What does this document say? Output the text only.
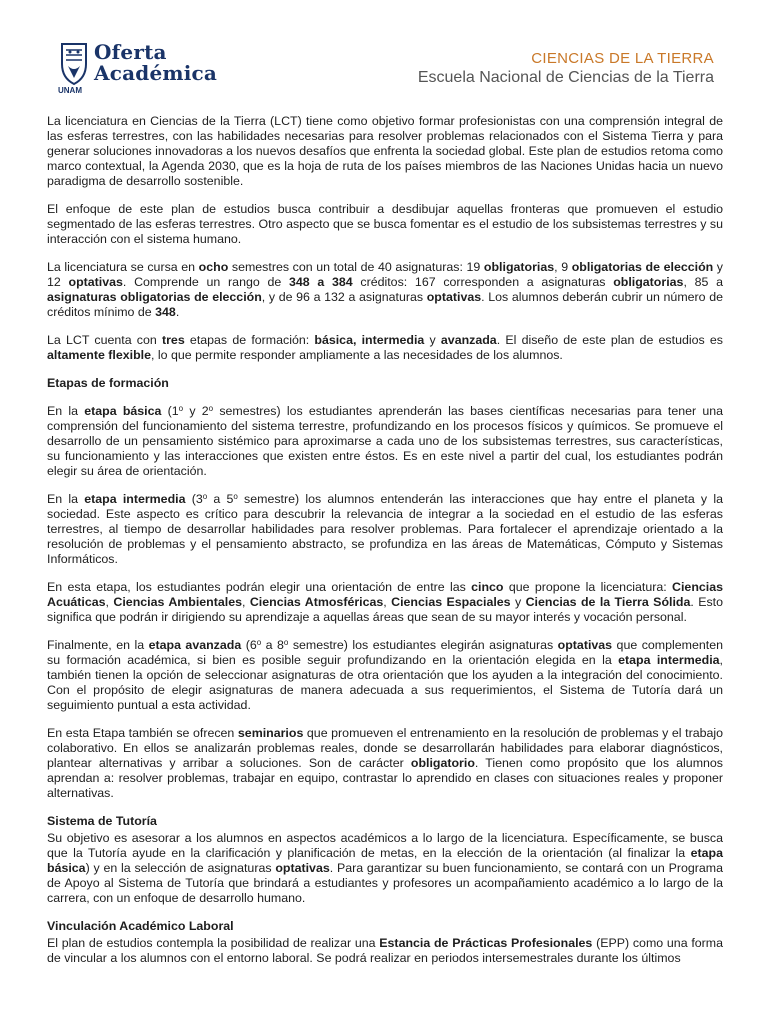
Oferta
Académica
UNAM
CIENCIAS DE LA TIERRA
Escuela Nacional de Ciencias de la Tierra

La licenciatura en Ciencias de la Tierra (LCT) tiene como objetivo formar profesionistas con una comprensión integral de las esferas terrestres, con las habilidades necesarias para resolver problemas relacionados con el Sistema Tierra y para generar soluciones innovadoras a los nuevos desafíos que enfrenta la sociedad global. Este plan de estudios retoma como marco contextual, la Agenda 2030, que es la hoja de ruta de los países miembros de las Naciones Unidas hacia un nuevo paradigma de desarrollo sostenible.

El enfoque de este plan de estudios busca contribuir a desdibujar aquellas fronteras que promueven el estudio segmentado de las esferas terrestres. Otro aspecto que se busca fomentar es el estudio de los subsistemas terrestres y su interacción con el sistema humano.

La licenciatura se cursa en ocho semestres con un total de 40 asignaturas: 19 obligatorias, 9 obligatorias de elección y 12 optativas. Comprende un rango de 348 a 384 créditos: 167 corresponden a asignaturas obligatorias, 85 a asignaturas obligatorias de elección, y de 96 a 132 a asignaturas optativas. Los alumnos deberán cubrir un número de créditos mínimo de 348.

La LCT cuenta con tres etapas de formación: básica, intermedia y avanzada. El diseño de este plan de estudios es altamente flexible, lo que permite responder ampliamente a las necesidades de los alumnos.

Etapas de formación

En la etapa básica (1$^o$ y 2$^o$ semestres) los estudiantes aprenderán las bases científicas necesarias para tener una comprensión del funcionamiento del sistema terrestre, profundizando en los procesos físicos y químicos. Se promueve el desarrollo de un pensamiento sistémico para aproximarse a cada uno de los subsistemas terrestres, sus características, su funcionamiento y las interacciones que existen entre éstos. Es en este nivel a partir del cual, los estudiantes podrán elegir su área de orientación.

En la etapa intermedia (3$^o$ a 5$^o$ semestre) los alumnos entenderán las interacciones que hay entre el planeta y la sociedad. Este aspecto es crítico para descubrir la relevancia de integrar a la sociedad en el estudio de las esferas terrestres, al tiempo de desarrollar habilidades para resolver problemas. Para fortalecer el aprendizaje orientado a la resolución de problemas y el pensamiento abstracto, se profundiza en las áreas de Matemáticas, Cómputo y Sistemas Informáticos.

En esta etapa, los estudiantes podrán elegir una orientación de entre las cinco que propone la licenciatura: Ciencias Acuáticas, Ciencias Ambientales, Ciencias Atmosféricas, Ciencias Espaciales y Ciencias de la Tierra Sólida. Esto significa que podrán ir dirigiendo su aprendizaje a aquellas áreas que sean de su mayor interés y vocación personal.

Finalmente, en la etapa avanzada (6$^o$ a 8$^o$ semestre) los estudiantes elegirán asignaturas optativas que complementen su formación académica, si bien es posible seguir profundizando en la orientación elegida en la etapa intermedia, también tienen la opción de seleccionar asignaturas de otra orientación que los ayuden a la integración del conocimiento. Con el propósito de elegir asignaturas de manera adecuada a sus requerimientos, el Sistema de Tutoría dará un seguimiento puntual a esta actividad.

En esta Etapa también se ofrecen seminarios que promueven el entrenamiento en la resolución de problemas y el trabajo colaborativo. En ellos se analizarán problemas reales, donde se desarrollarán habilidades para elaborar diagnósticos, plantear alternativas y arribar a soluciones. Son de carácter obligatorio. Tienen como propósito que los alumnos aprendan a: resolver problemas, trabajar en equipo, contrastar lo aprendido en clases con situaciones reales y proponer alternativas.

Sistema de Tutoría

Su objetivo es asesorar a los alumnos en aspectos académicos a lo largo de la licenciatura. Específicamente, se busca que la Tutoría ayude en la clarificación y planificación de metas, en la elección de la orientación (al finalizar la etapa básica) y en la selección de asignaturas optativas. Para garantizar su buen funcionamiento, se contará con un Programa de Apoyo al Sistema de Tutoría que brindará a estudiantes y profesores un acompañamiento académico a lo largo de la carrera, con un enfoque de desarrollo humano.

Vinculación Académico Laboral

El plan de estudios contempla la posibilidad de realizar una Estancia de Prácticas Profesionales (EPP) como una forma de vincular a los alumnos con el entorno laboral. Se podrá realizar en periodos intersemestrales durante los últimos
